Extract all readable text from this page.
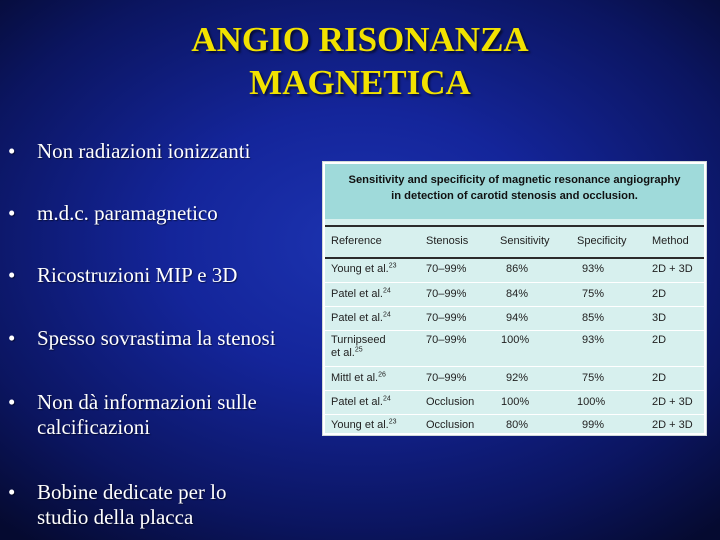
ANGIO RISONANZA
MAGNETICA
•	Non radiazioni ionizzanti
•	m.d.c. paramagnetico
•	Ricostruzioni MIP e 3D
•	Spesso sovrastima la stenosi
•	Non dà informazioni sulle
calcificazioni
•	Bobine dedicate per lo
studio della placca
Sensitivity and specificity of magnetic resonance angiography
in detection of carotid stenosis and occlusion.
Reference	Stenosis	Sensitivity Specificity Method
Young et al.$^{23}$	70–99%	86%	93%	2D + 3D
Patel et al.$^{24}$	70–99%	84%	75%	2D
Patel et al.$^{24}$	70–99%	94%	85%	3D
Turnipseed
et al.$^{25}$
70–99%	100%	93%	2D
Mittl et al.$^{26}$	70–99%	92%	75%	2D
Patel et al.$^{24}$	Occlusion 100%	100%	2D + 3D
Young et al.$^{23}$	Occlusion	80%	99%	2D + 3D
